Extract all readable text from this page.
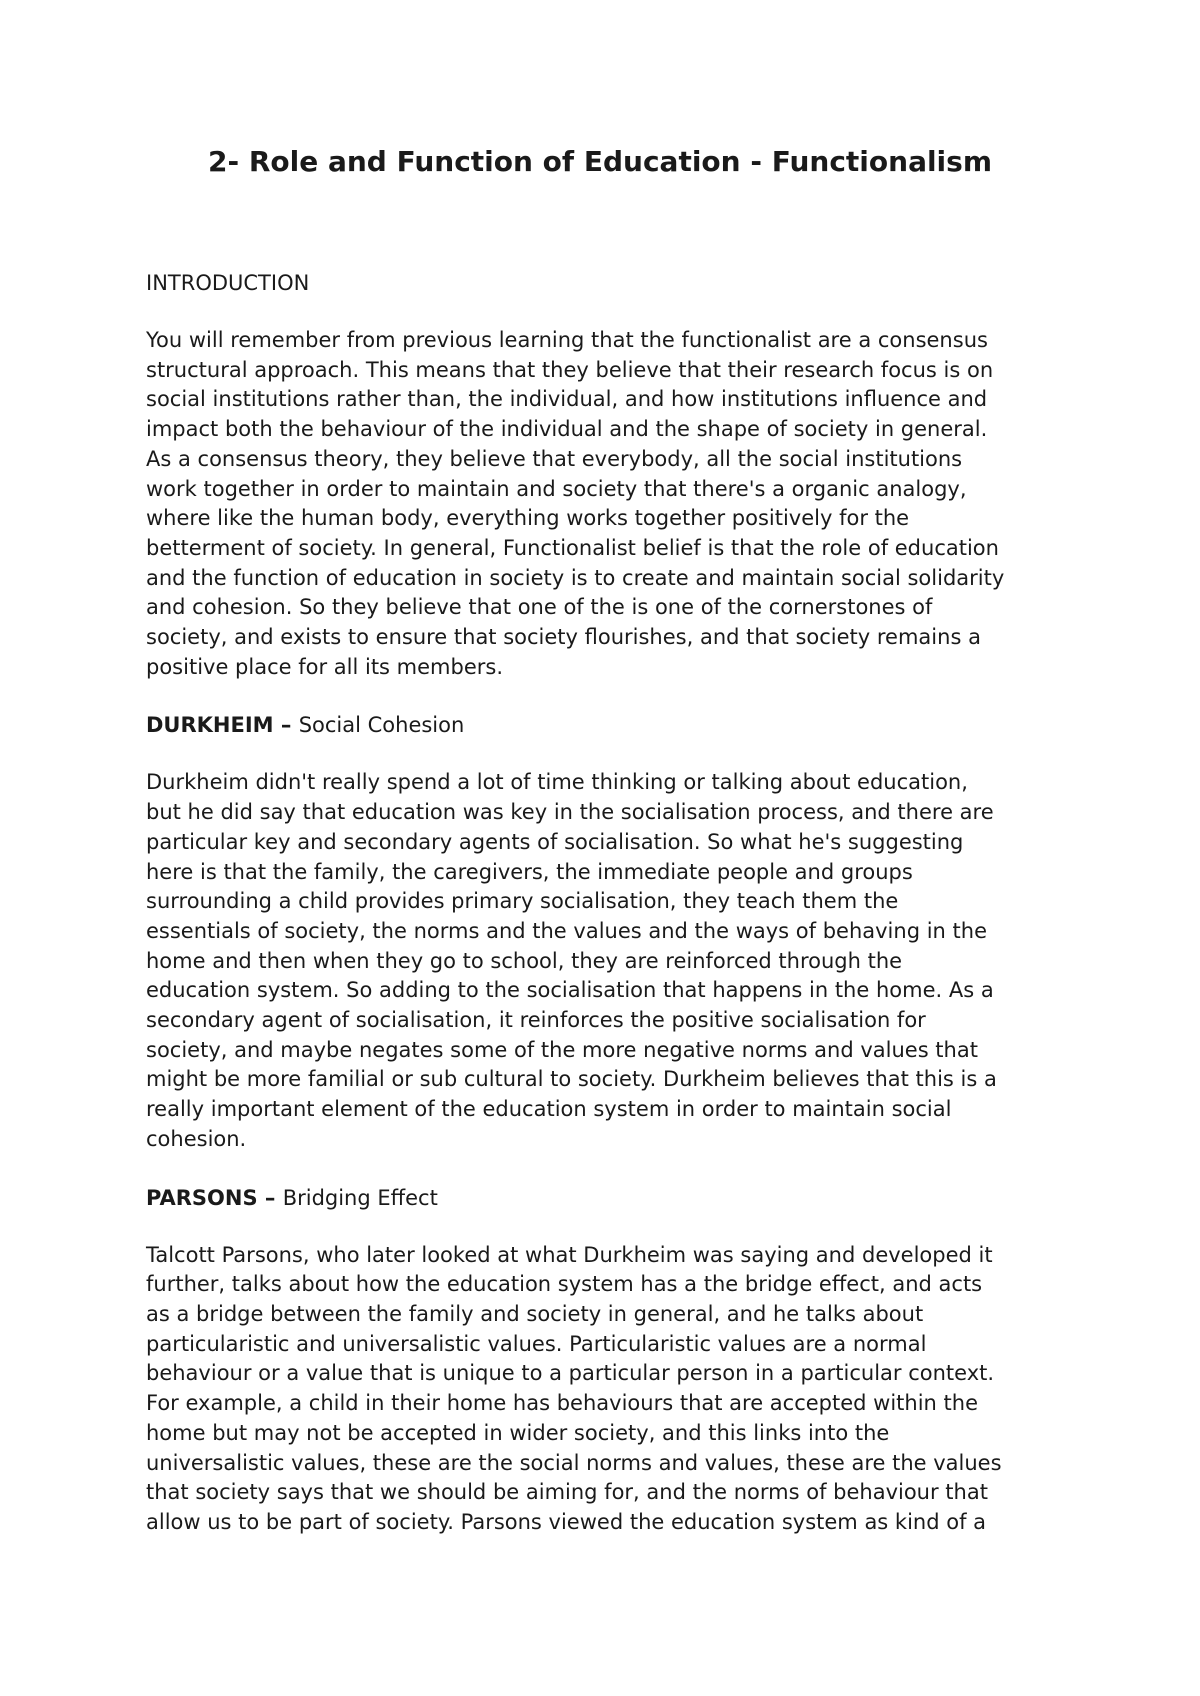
2- Role and Function of Education - Functionalism

INTRODUCTION

You will remember from previous learning that the functionalist are a consensus
structural approach. This means that they believe that their research focus is on
social institutions rather than, the individual, and how institutions influence and
impact both the behaviour of the individual and the shape of society in general.
As a consensus theory, they believe that everybody, all the social institutions
work together in order to maintain and society that there's a organic analogy,
where like the human body, everything works together positively for the
betterment of society. In general, Functionalist belief is that the role of education
and the function of education in society is to create and maintain social solidarity
and cohesion. So they believe that one of the is one of the cornerstones of
society, and exists to ensure that society flourishes, and that society remains a
positive place for all its members.

DURKHEIM – Social Cohesion

Durkheim didn't really spend a lot of time thinking or talking about education,
but he did say that education was key in the socialisation process, and there are
particular key and secondary agents of socialisation. So what he's suggesting
here is that the family, the caregivers, the immediate people and groups
surrounding a child provides primary socialisation, they teach them the
essentials of society, the norms and the values and the ways of behaving in the
home and then when they go to school, they are reinforced through the
education system. So adding to the socialisation that happens in the home. As a
secondary agent of socialisation, it reinforces the positive socialisation for
society, and maybe negates some of the more negative norms and values that
might be more familial or sub cultural to society. Durkheim believes that this is a
really important element of the education system in order to maintain social
cohesion.

PARSONS – Bridging Effect

Talcott Parsons, who later looked at what Durkheim was saying and developed it
further, talks about how the education system has a the bridge effect, and acts
as a bridge between the family and society in general, and he talks about
particularistic and universalistic values. Particularistic values are a normal
behaviour or a value that is unique to a particular person in a particular context.
For example, a child in their home has behaviours that are accepted within the
home but may not be accepted in wider society, and this links into the
universalistic values, these are the social norms and values, these are the values
that society says that we should be aiming for, and the norms of behaviour that
allow us to be part of society. Parsons viewed the education system as kind of a
